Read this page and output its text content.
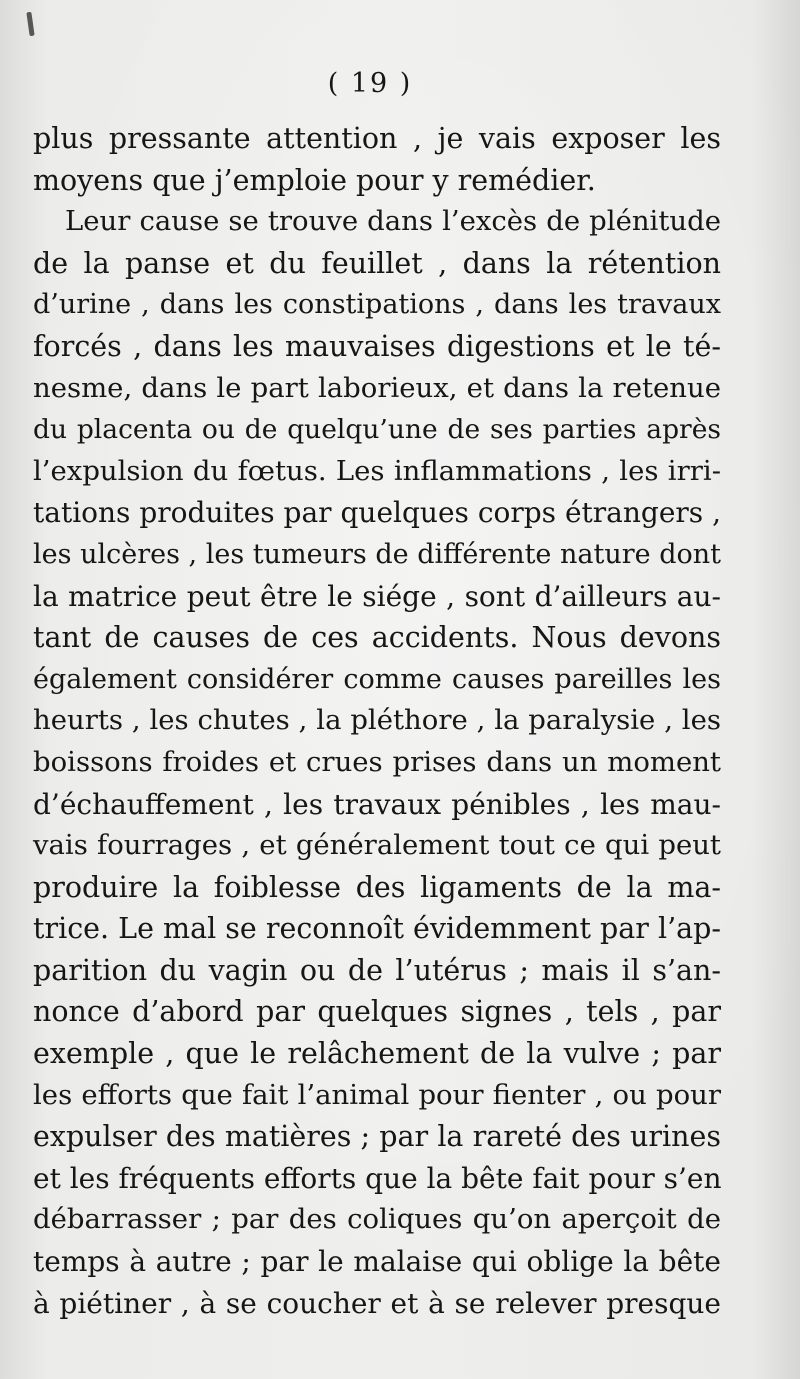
( 19 )
plus pressante attention , je vais exposer les
moyens que j’emploie pour y remédier.
Leur cause se trouve dans l’excès de plénitude
de la panse et du feuillet , dans la rétention
d’urine , dans les constipations , dans les travaux
forcés , dans les mauvaises digestions et le té-
nesme, dans le part laborieux, et dans la retenue
du placenta ou de quelqu’une de ses parties après
l’expulsion du fœtus. Les inflammations , les irri-
tations produites par quelques corps étrangers ,
les ulcères , les tumeurs de différente nature dont
la matrice peut être le siége , sont d’ailleurs au-
tant de causes de ces accidents. Nous devons
également considérer comme causes pareilles les
heurts , les chutes , la pléthore , la paralysie , les
boissons froides et crues prises dans un moment
d’échauffement , les travaux pénibles , les mau-
vais fourrages , et généralement tout ce qui peut
produire la foiblesse des ligaments de la ma-
trice. Le mal se reconnoît évidemment par l’ap-
parition du vagin ou de l’utérus ; mais il s’an-
nonce d’abord par quelques signes , tels , par
exemple , que le relâchement de la vulve ; par
les efforts que fait l’animal pour fienter , ou pour
expulser des matières ; par la rareté des urines
et les fréquents efforts que la bête fait pour s’en
débarrasser ; par des coliques qu’on aperçoit de
temps à autre ; par le malaise qui oblige la bête
à piétiner , à se coucher et à se relever presque
